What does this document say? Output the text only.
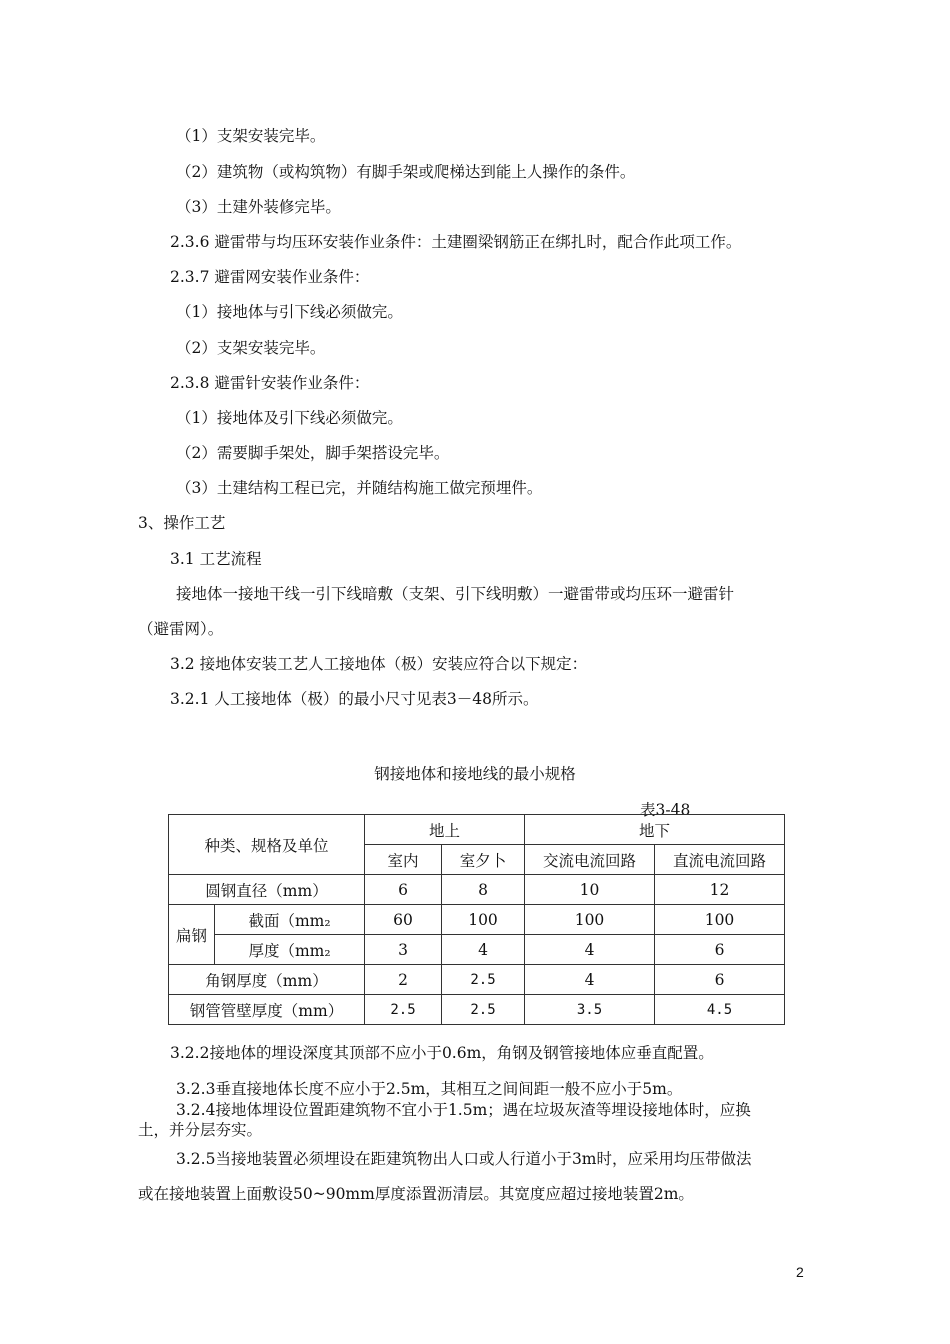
（1）支架安装完毕。
（2）建筑物（或构筑物）有脚手架或爬梯达到能上人操作的条件。
（3）土建外装修完毕。
2.3.6 避雷带与均压环安装作业条件：土建圈梁钢筋正在绑扎时，配合作此项工作。
2.3.7 避雷网安装作业条件：
（1）接地体与引下线必须做完。
（2）支架安装完毕。
2.3.8 避雷针安装作业条件：
（1）接地体及引下线必须做完。
（2）需要脚手架处，脚手架搭设完毕。
（3）土建结构工程已完，并随结构施工做完预埋件。
3、操作工艺
3.1 工艺流程
接地体一接地干线一引下线暗敷（支架、引下线明敷）一避雷带或均压环一避雷针
（避雷网）。
3.2 接地体安装工艺人工接地体（极）安装应符合以下规定：
3.2.1 人工接地体（极）的最小尺寸见表3－48所示。
钢接地体和接地线的最小规格
表3-48
种类、规格及单位		地上		地下	
		室内	室夕卜	交流电流回路	直流电流回路
圆钢直径（mm）		6	8	10	12
扁钢	截面（mm₂	60	100	100	100
	厚度（mm₂	3	4	4	6
角钢厚度（mm）		2	2.5	4	6
钢管管壁厚度（mm）		2.5	2.5	3.5	4.5
3.2.2接地体的埋设深度其顶部不应小于0.6m，角钢及钢管接地体应垂直配置。
3.2.3垂直接地体长度不应小于2.5m，其相互之间间距一般不应小于5m。
3.2.4接地体埋设位置距建筑物不宜小于1.5m；遇在垃圾灰渣等埋设接地体时，应换
土，并分层夯实。
3.2.5当接地装置必须埋设在距建筑物出人口或人行道小于3m时，应采用均压带做法
或在接地装置上面敷设50~90mm厚度添置沥清层。其宽度应超过接地装置2m。
2
